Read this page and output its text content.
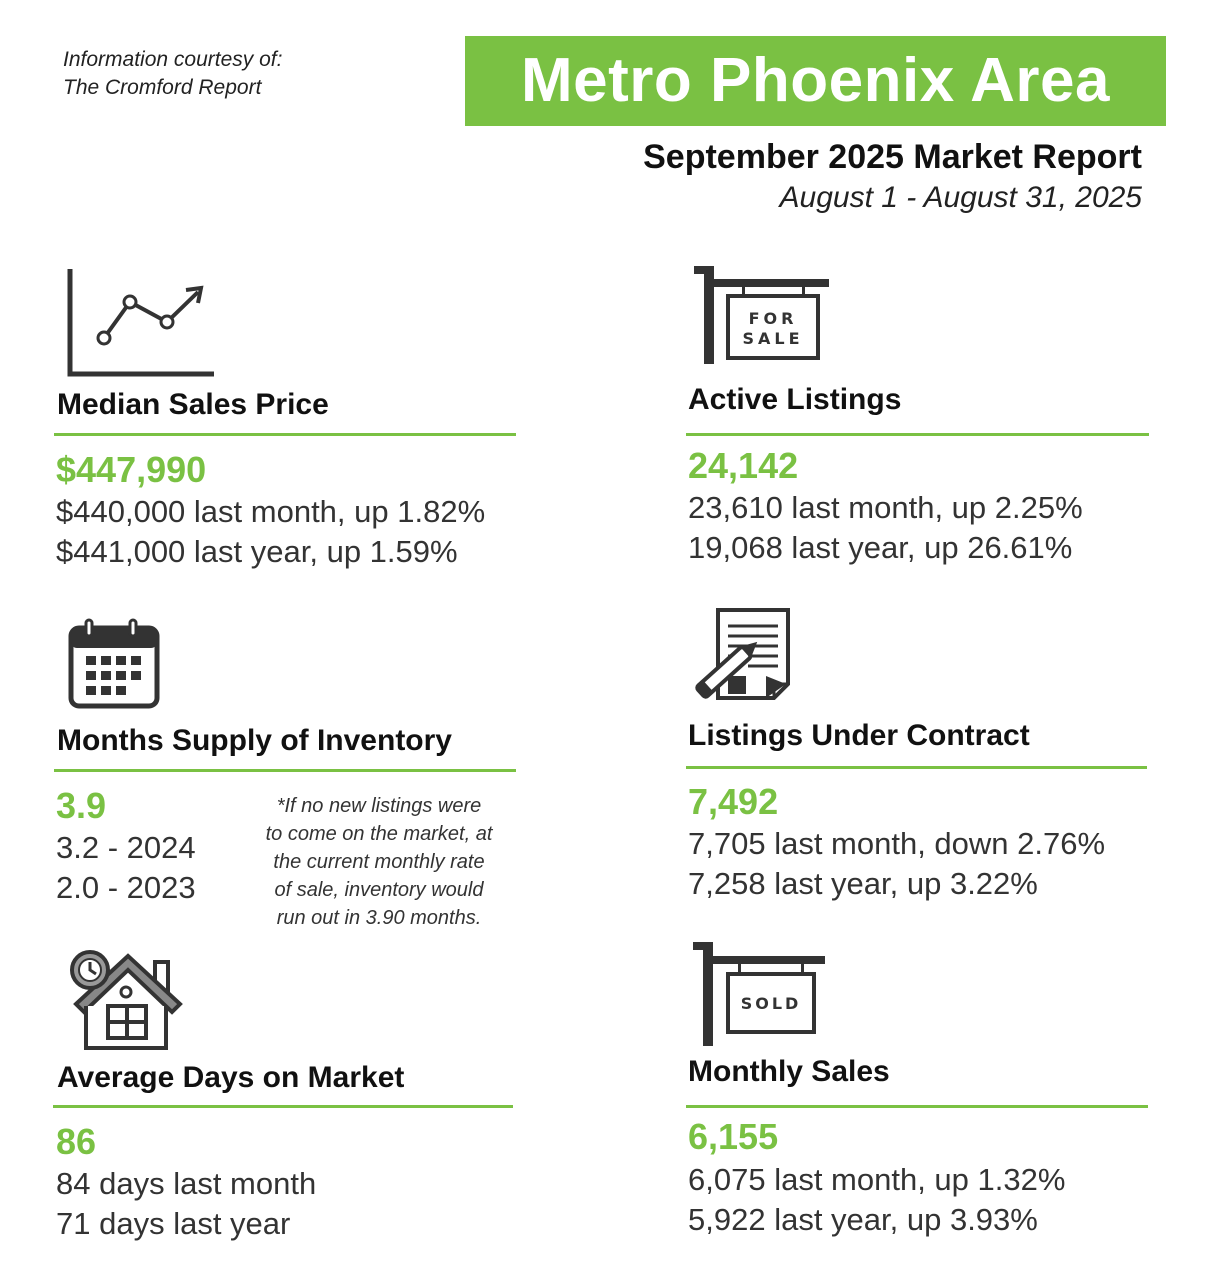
Information courtesy of:
The Cromford Report	Metro Phoenix Area
September 2025 Market Report
August 1 - August 31, 2025
Median Sales Price
$447,990
$440,000 last month, up 1.82%
$441,000 last year, up 1.59%
FOR
SALE
Active Listings
24,142
23,610 last month, up 2.25%
19,068 last year, up 26.61%
Months Supply of Inventory
3.9
3.2 - 2024
2.0 - 2023
*If no new listings were
to come on the market, at
the current monthly rate
of sale, inventory would
run out in 3.90 months.
Listings Under Contract
7,492
7,705 last month, down 2.76%
7,258 last year, up 3.22%
Average Days on Market
86
84 days last month
71 days last year
SOLD
Monthly Sales
6,155
6,075 last month, up 1.32%
5,922 last year, up 3.93%
